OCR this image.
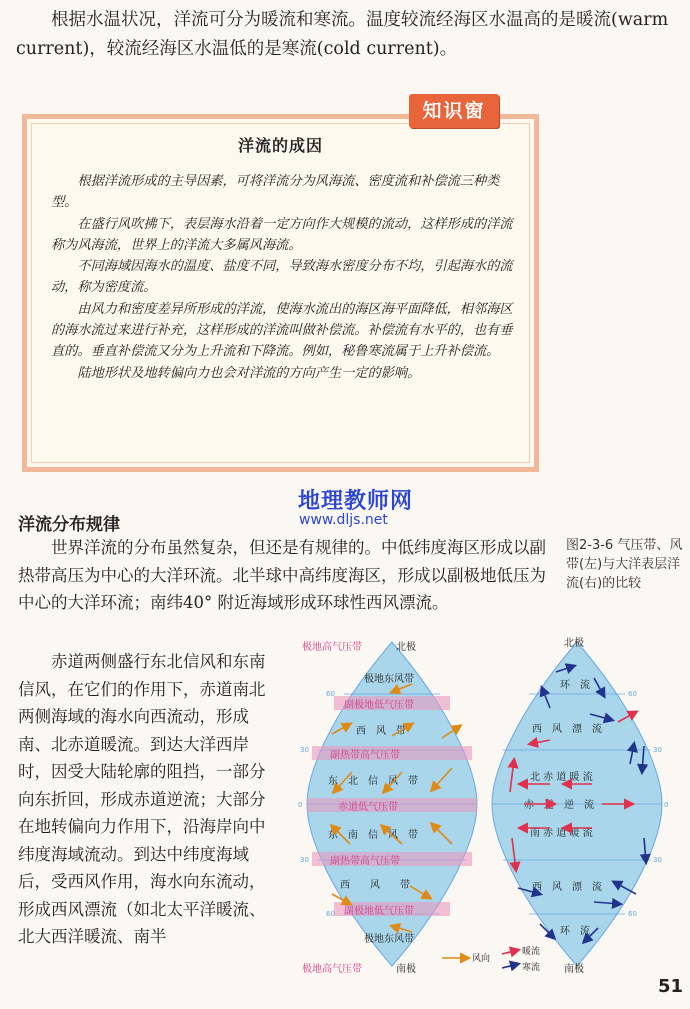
根据水温状况，洋流可分为暖流和寒流。温度较流经海区水温高的是暖流(warm current)，较流经海区水温低的是寒流(cold current)。
洋流的成因

根据洋流形成的主导因素，可将洋流分为风海流、密度流和补偿流三种类型。

在盛行风吹拂下，表层海水沿着一定方向作大规模的流动，这样形成的洋流称为风海流，世界上的洋流大多属风海流。

不同海域因海水的温度、盐度不同，导致海水密度分布不均，引起海水的流动，称为密度流。

由风力和密度差异所形成的洋流，使海水流出的海区海平面降低，相邻海区的海水流过来进行补充，这样形成的洋流叫做补偿流。补偿流有水平的，也有垂直的。垂直补偿流又分为上升流和下降流。例如，秘鲁寒流属于上升补偿流。

陆地形状及地转偏向力也会对洋流的方向产生一定的影响。

知识窗
地理教师网
www.dljs.net
洋流分布规律
世界洋流的分布虽然复杂，但还是有规律的。中低纬度海区形成以副热带高压为中心的大洋环流。北半球中高纬度海区，形成以副极地低压为中心的大洋环流；南纬40° 附近海域形成环球性西风漂流。
赤道两侧盛行东北信风和东南信风，在它们的作用下，赤道南北两侧海域的海水向西流动，形成南、北赤道暖流。到达大洋西岸时，因受大陆轮廓的阻挡，一部分向东折回，形成赤道逆流；大部分在地转偏向力作用下，沿海岸向中纬度海域流动。到达中纬度海域后，受西风作用，海水向东流动，形成西风漂流（如北太平洋暖流、北大西洋暖流、南半
图2-3-6 气压带、风带(左)与大洋表层洋流(右)的比较
极地高气压带	北极
极地东风带
副极地低气压带
西　风　带
副热带高气压带
东　北　信　风　带
赤道低气压带
东　南　信　风　带
副热带高气压带
西　　风　　带
副极地低气压带
极地东风带
极地高气压带	南极
60
30
0
30
60
北极
环　流
西　风　漂　流
北 赤 道 暖 流
赤　道　逆　流
南 赤 道 暖 流
西　风　漂　流
环　流
南极
60
30
0
30
60
风向
暖流
寒流
51
